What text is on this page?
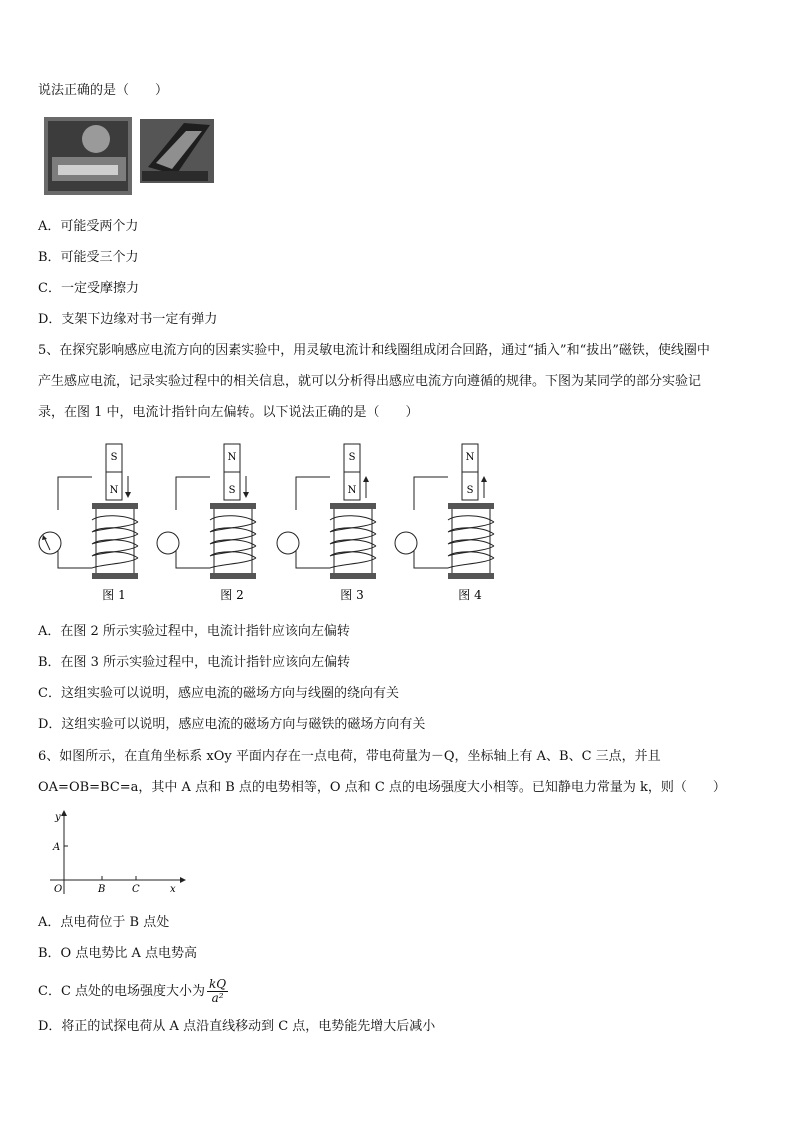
说法正确的是（　　）
A．可能受两个力
B．可能受三个力
C．一定受摩擦力
D．支架下边缘对书一定有弹力
5、在探究影响感应电流方向的因素实验中，用灵敏电流计和线圈组成闭合回路，通过“插入”和“拔出”磁铁，使线圈中
产生感应电流，记录实验过程中的相关信息，就可以分析得出感应电流方向遵循的规律。下图为某同学的部分实验记
录，在图 1 中，电流计指针向左偏转。以下说法正确的是（　　）
S
N
N
S
S
N
N
S
图 1	图 2	图 3	图 4
A．在图 2 所示实验过程中，电流计指针应该向左偏转
B．在图 3 所示实验过程中，电流计指针应该向左偏转
C．这组实验可以说明，感应电流的磁场方向与线圈的绕向有关
D．这组实验可以说明，感应电流的磁场方向与磁铁的磁场方向有关
6、如图所示，在直角坐标系 xOy 平面内存在一点电荷，带电荷量为－Q，坐标轴上有 A、B、C 三点，并且
OA=OB=BC=a，其中 A 点和 B 点的电势相等，O 点和 C 点的电场强度大小相等。已知静电力常量为 k，则（　　）
y
A
O	B	C	x
A．点电荷位于 B 点处
B．O 点电势比 A 点电势高
C．C 点处的电场强度大小为 $\frac{kQ}{\text{a²}}$
D．将正的试探电荷从 A 点沿直线移动到 C 点，电势能先增大后减小
